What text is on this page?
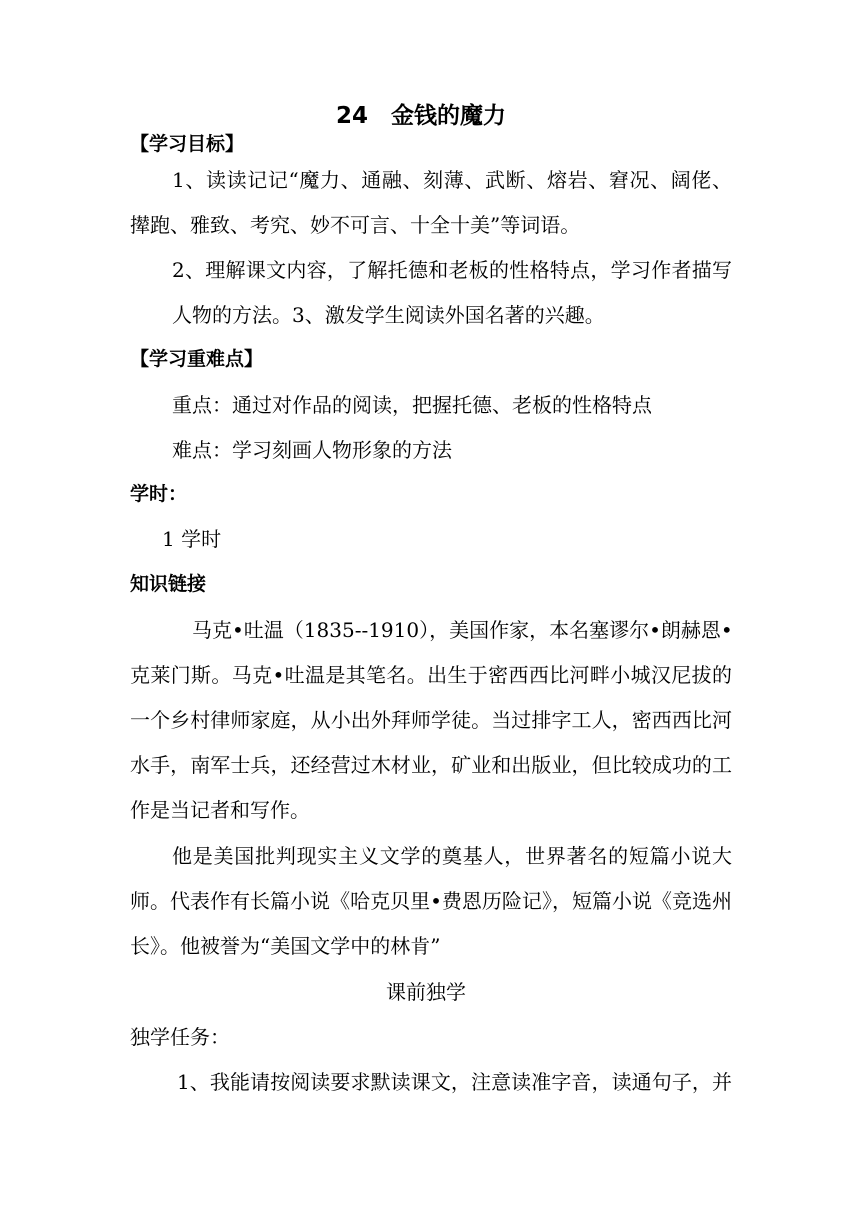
24　金钱的魔力
【学习目标】
1、读读记记“魔力、通融、刻薄、武断、熔岩、窘况、阔佬、
撵跑、雅致、考究、妙不可言、十全十美”等词语。
2、理解课文内容，了解托德和老板的性格特点，学习作者描写
人物的方法。3、激发学生阅读外国名著的兴趣。
【学习重难点】
重点：通过对作品的阅读，把握托德、老板的性格特点
难点：学习刻画人物形象的方法
学时：
1 学时
知识链接
马克•吐温（1835--1910），美国作家，本名塞谬尔•朗赫恩•
克莱门斯。马克•吐温是其笔名。出生于密西西比河畔小城汉尼拔的
一个乡村律师家庭，从小出外拜师学徒。当过排字工人，密西西比河
水手，南军士兵，还经营过木材业，矿业和出版业，但比较成功的工
作是当记者和写作。
他是美国批判现实主义文学的奠基人，世界著名的短篇小说大
师。代表作有长篇小说《哈克贝里•费恩历险记》，短篇小说《竞选州
长》。他被誉为“美国文学中的林肯”
课前独学
独学任务：
1、我能请按阅读要求默读课文，注意读准字音，读通句子，并
